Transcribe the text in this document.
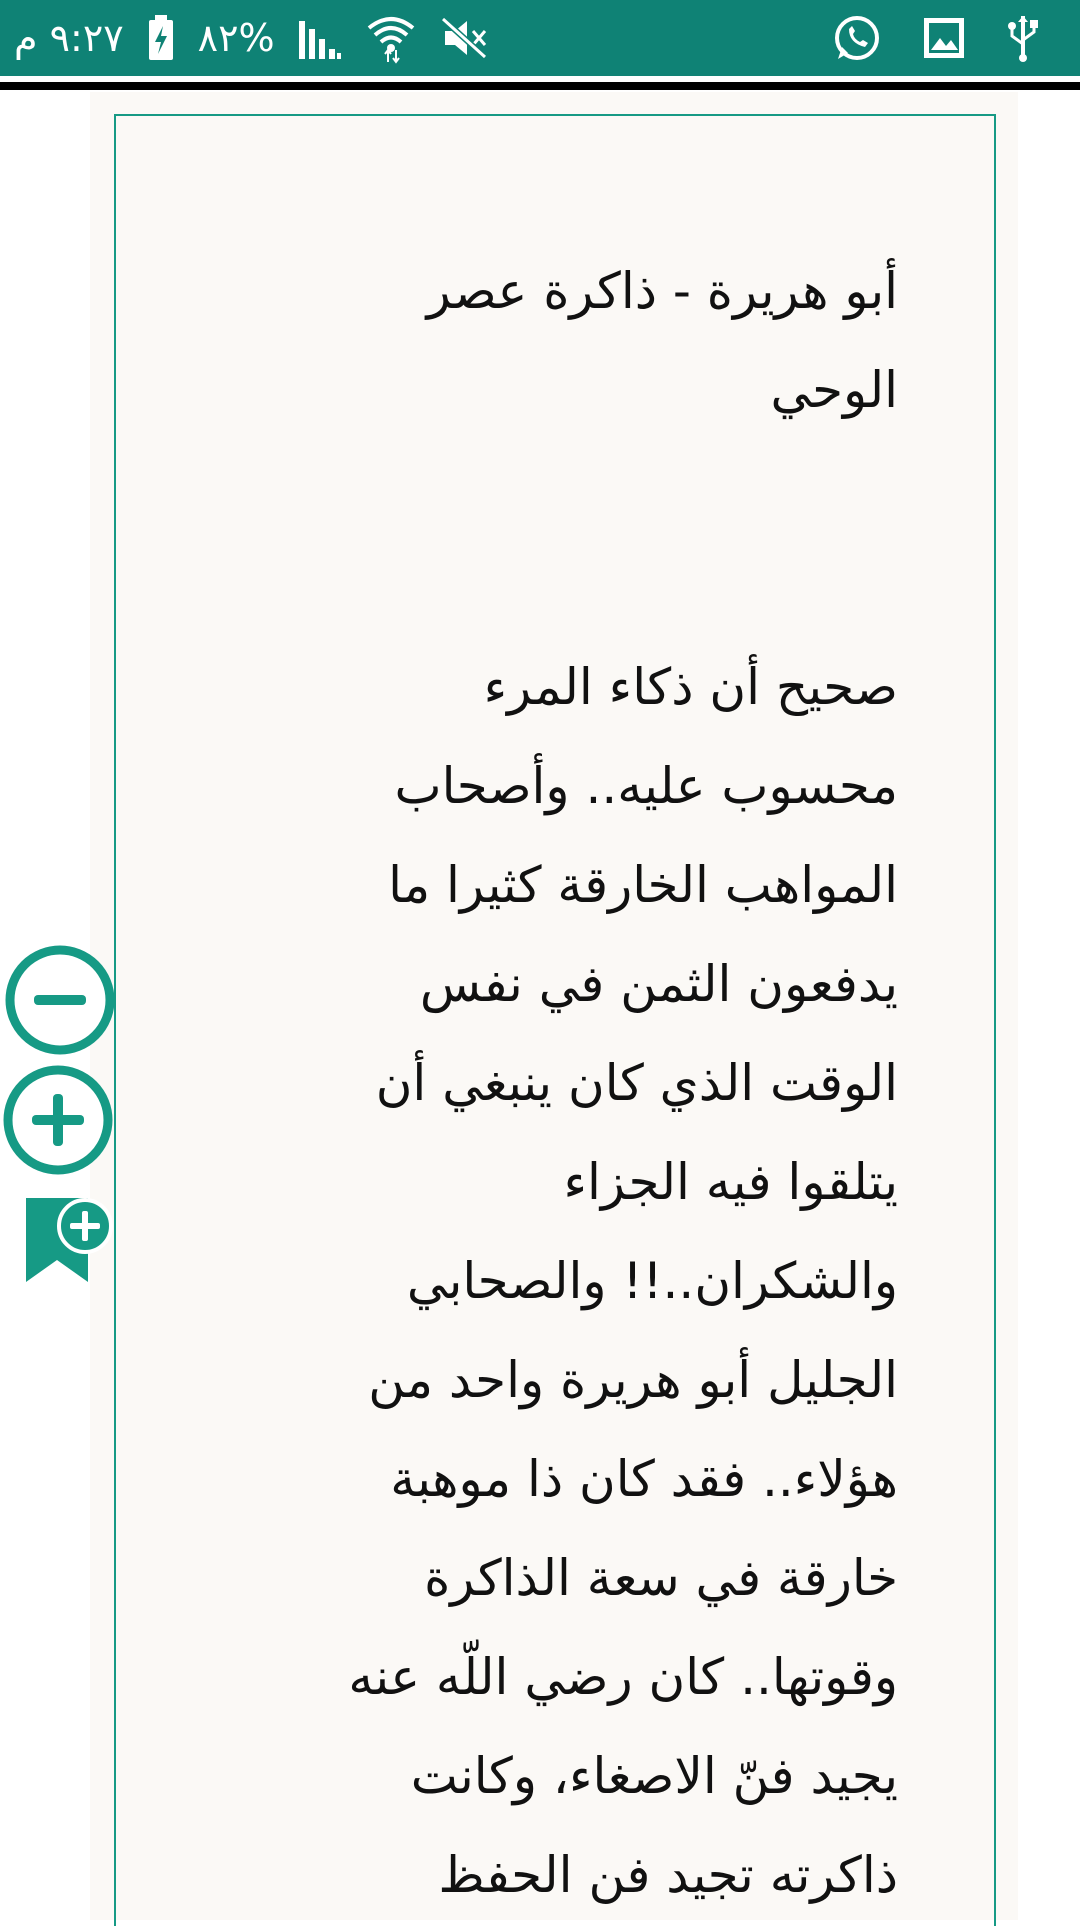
٩:٢٧ م %٨٢
أبو هريرة - ذاكرة عصر
الوحي
صحيح أن ذكاء المرء
محسوب عليه.. وأصحاب
المواهب الخارقة كثيرا ما
يدفعون الثمن في نفس
الوقت الذي كان ينبغي أن
يتلقوا فيه الجزاء
والشكران..!! والصحابي
الجليل أبو هريرة واحد من
هؤلاء.. فقد كان ذا موهبة
خارقة في سعة الذاكرة
وقوتها.. كان رضي اللّه عنه
يجيد فنّ الاصغاء، وكانت
ذاكرته تجيد فن الحفظ
